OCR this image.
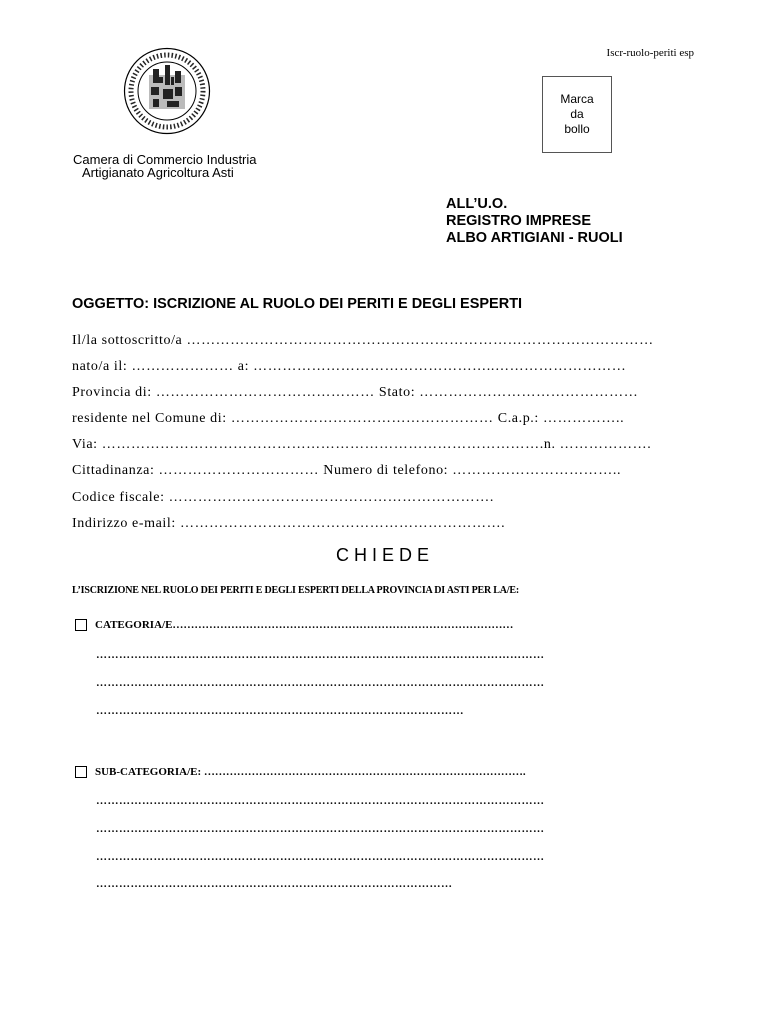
Iscr-ruolo-periti esp
Marca
da
bollo
Camera di Commercio Industria
Artigianato Agricoltura Asti
ALL’U.O.
REGISTRO IMPRESE
ALBO ARTIGIANI - RUOLI
OGGETTO: ISCRIZIONE AL RUOLO DEI PERITI E DEGLI ESPERTI
Il/la sottoscritto/a ……………………………………………………………………………………
nato/a il: ………………… a: …………………………………………..………………………
Provincia di: ……………………………………… Stato: ………………………………………
residente nel Comune di: ……………………………………………… C.a.p.: ……………..
Via: ……………………………………………………………………………….n. ……………….
Cittadinanza: …………………………… Numero di telefono: ……………………………..
Codice fiscale: ………………………………………………………….
Indirizzo e-mail: ………………………………………………………….
CHIEDE
L’ISCRIZIONE NEL RUOLO DEI PERITI E DEGLI ESPERTI DELLA PROVINCIA DI ASTI PER LA/E:
CATEGORIA/E…………………………………………………………………………………
………………………………………………………………………………………………………
………………………………………………………………………………………………………
……………………………………………………………………………………
SUB-CATEGORIA/E: …………………………………………………………………………….
………………………………………………………………………………………………………
………………………………………………………………………………………………………
………………………………………………………………………………………………………
…………………………………………………………………………………
